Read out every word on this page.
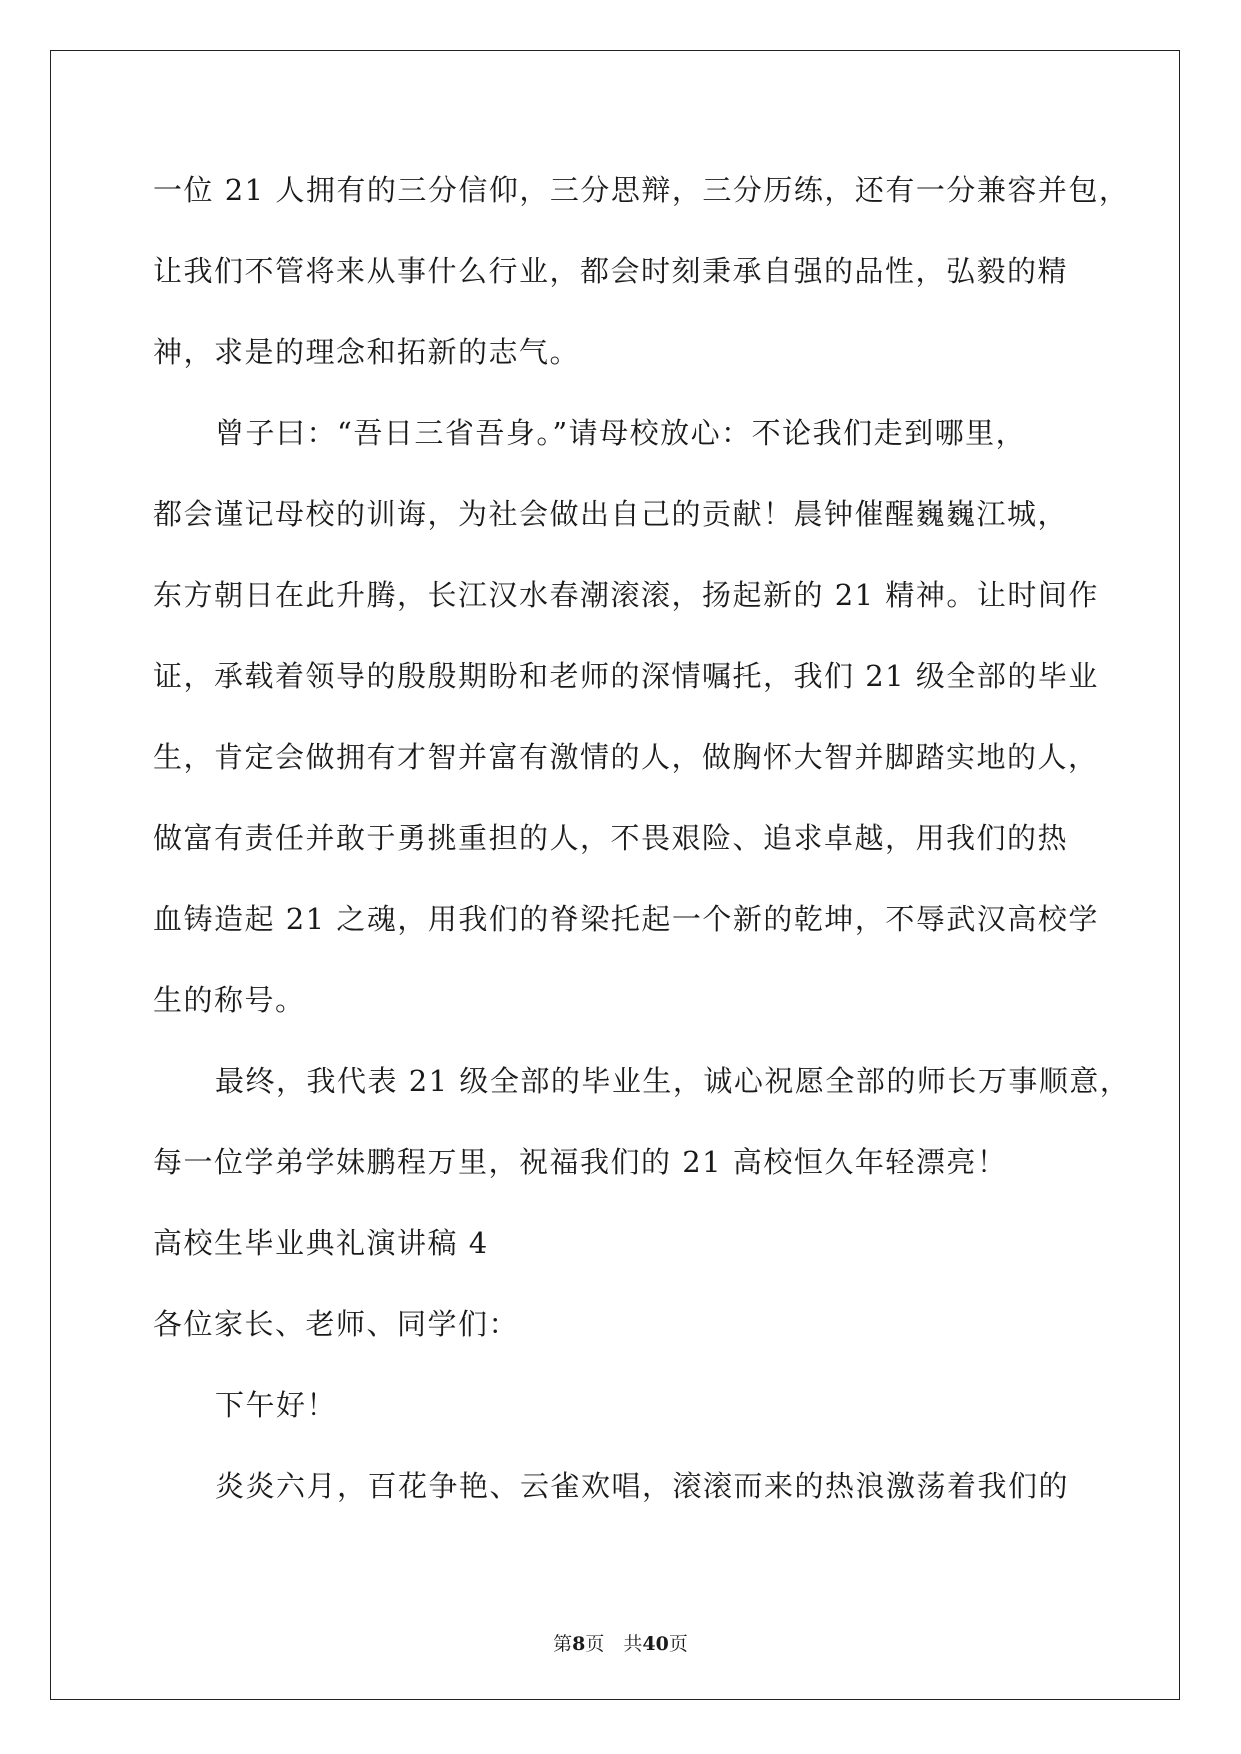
一位 21 人拥有的三分信仰，三分思辩，三分历练，还有一分兼容并包，
让我们不管将来从事什么行业，都会时刻秉承自强的品性，弘毅的精
神，求是的理念和拓新的志气。
曾子曰：“吾日三省吾身。”请母校放心：不论我们走到哪里，
都会谨记母校的训诲，为社会做出自己的贡献！晨钟催醒巍巍江城，
东方朝日在此升腾，长江汉水春潮滚滚，扬起新的 21 精神。让时间作
证，承载着领导的殷殷期盼和老师的深情嘱托，我们 21 级全部的毕业
生，肯定会做拥有才智并富有激情的人，做胸怀大智并脚踏实地的人，
做富有责任并敢于勇挑重担的人，不畏艰险、追求卓越，用我们的热
血铸造起 21 之魂，用我们的脊梁托起一个新的乾坤，不辱武汉高校学
生的称号。
最终，我代表 21 级全部的毕业生，诚心祝愿全部的师长万事顺意，
每一位学弟学妹鹏程万里，祝福我们的 21 高校恒久年轻漂亮！
高校生毕业典礼演讲稿 4
各位家长、老师、同学们：
下午好！
炎炎六月，百花争艳、云雀欢唱，滚滚而来的热浪激荡着我们的
第8页　共40页
